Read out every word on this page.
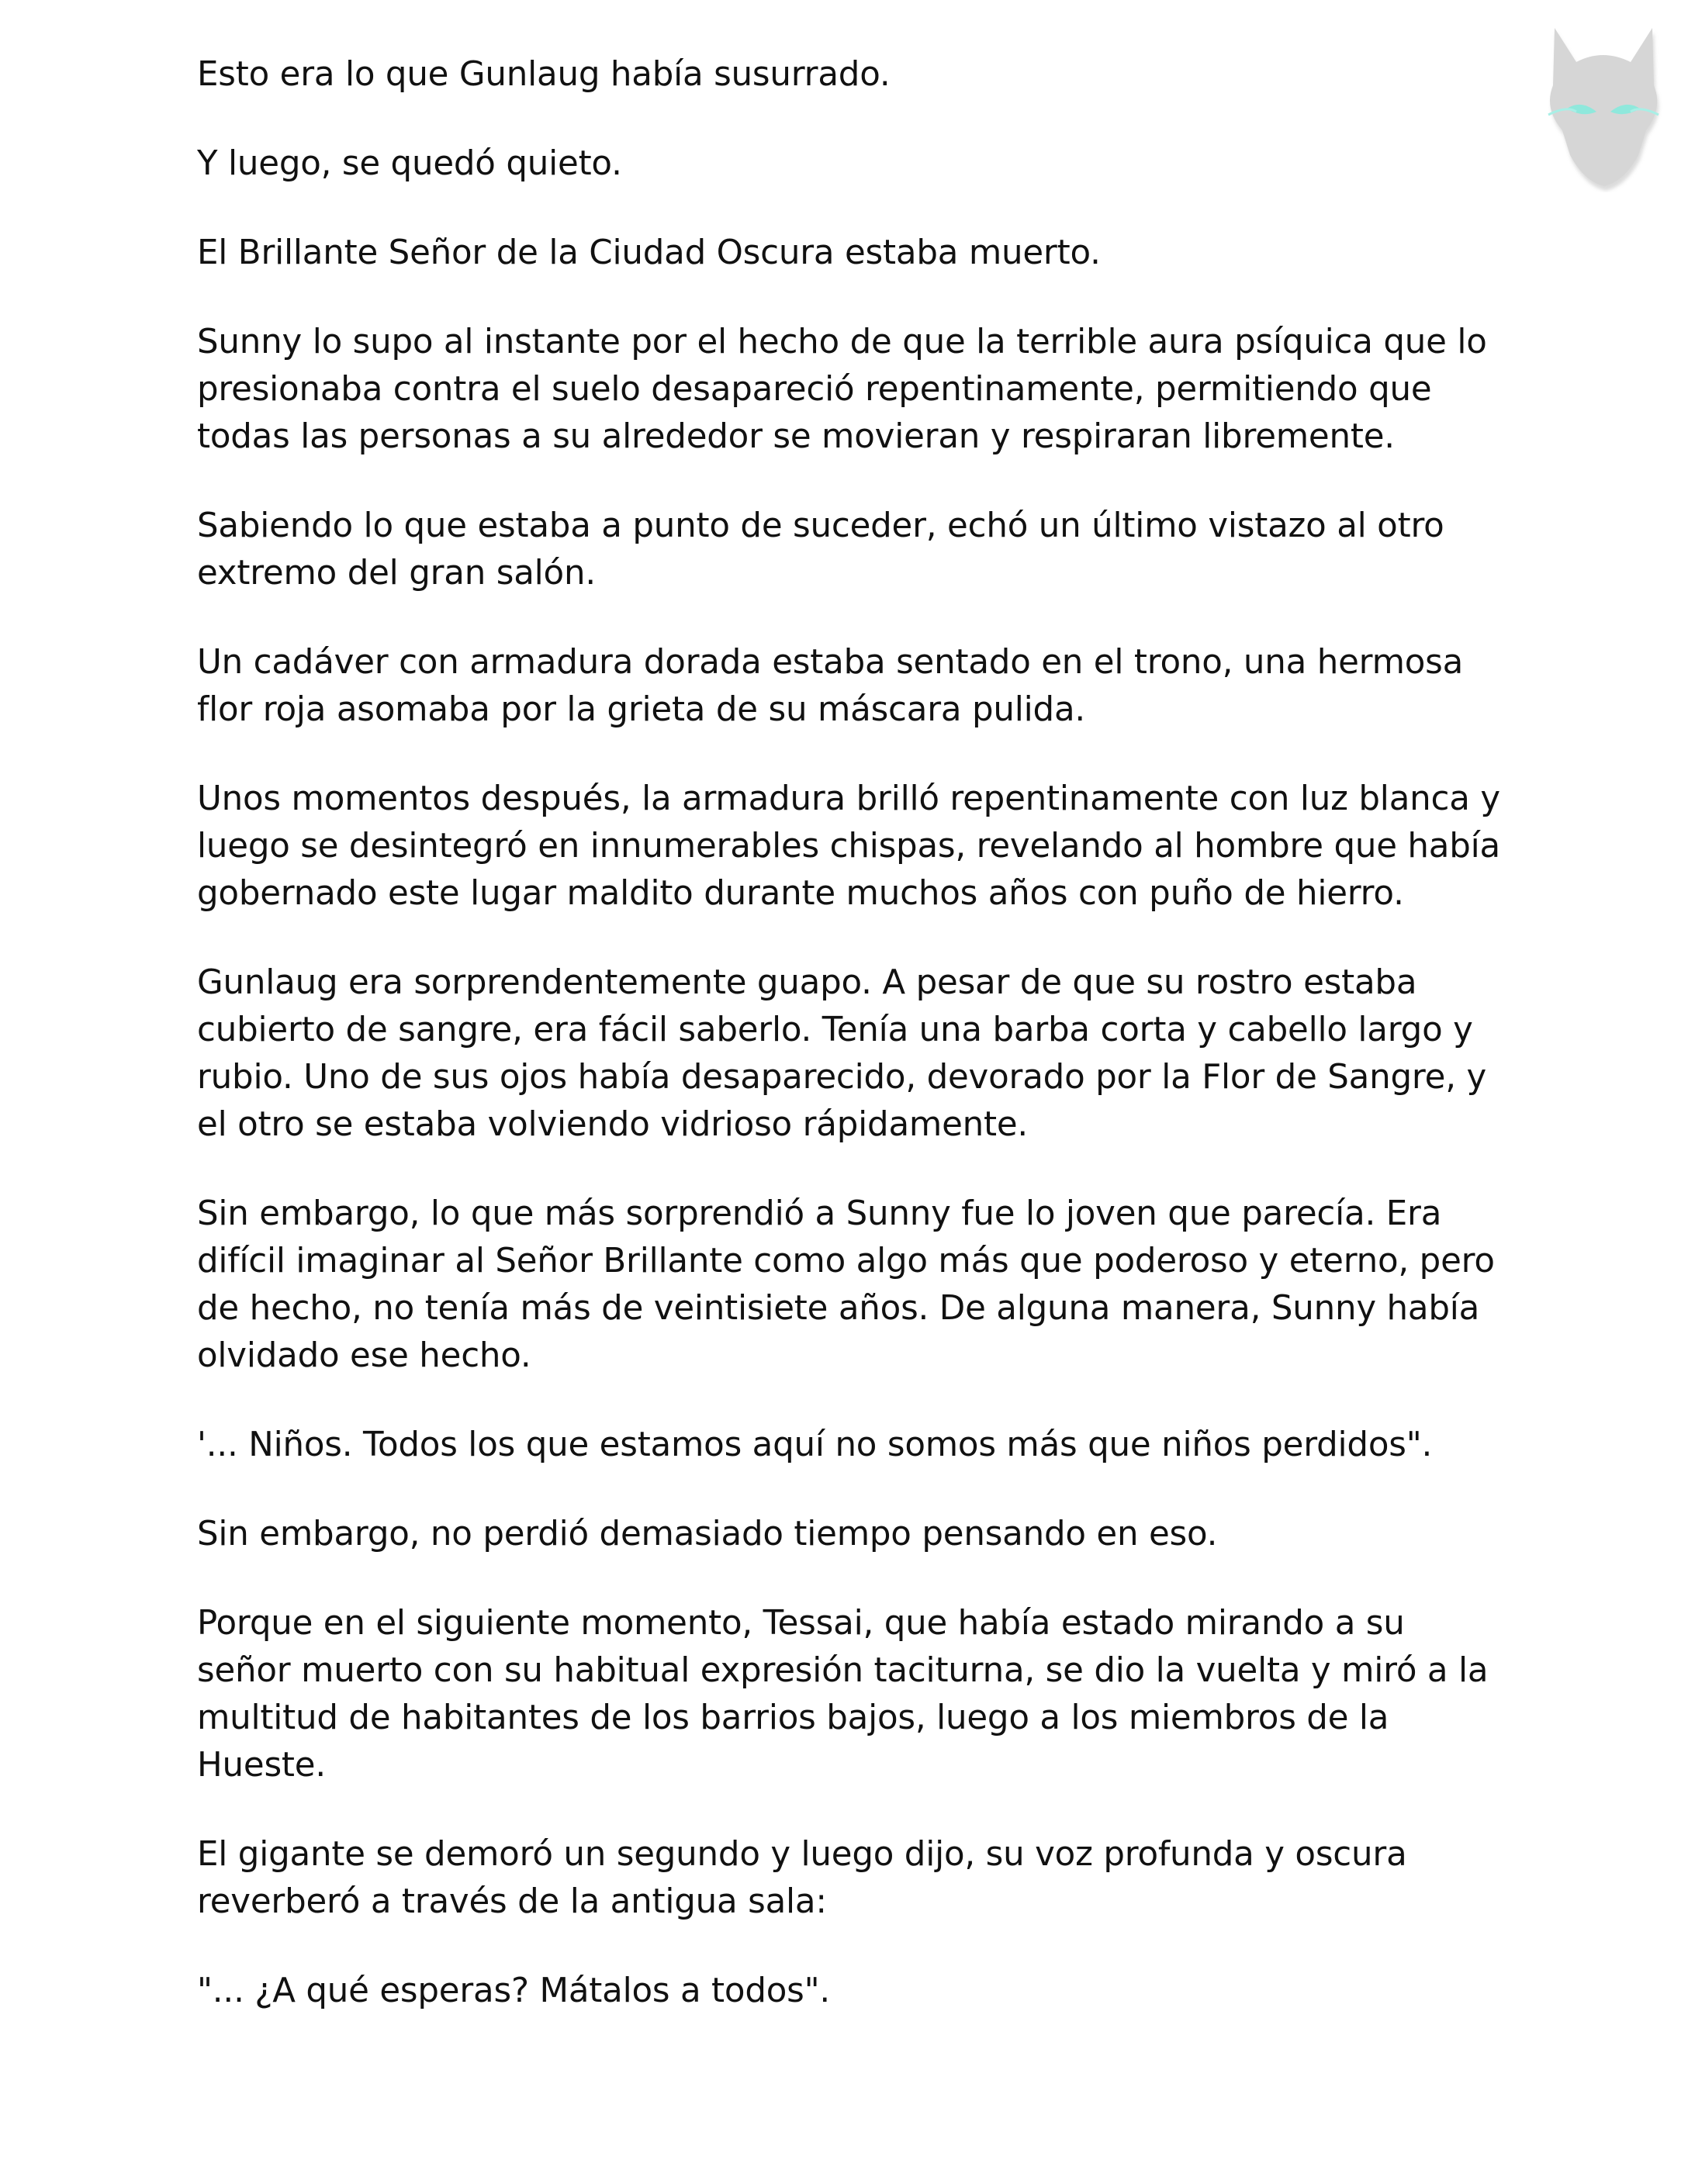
Esto era lo que Gunlaug había susurrado.

Y luego, se quedó quieto.

El Brillante Señor de la Ciudad Oscura estaba muerto.

Sunny lo supo al instante por el hecho de que la terrible aura psíquica que lo presionaba contra el suelo desapareció repentinamente, permitiendo que todas las personas a su alrededor se movieran y respiraran libremente.

Sabiendo lo que estaba a punto de suceder, echó un último vistazo al otro extremo del gran salón.

Un cadáver con armadura dorada estaba sentado en el trono, una hermosa flor roja asomaba por la grieta de su máscara pulida.

Unos momentos después, la armadura brilló repentinamente con luz blanca y luego se desintegró en innumerables chispas, revelando al hombre que había gobernado este lugar maldito durante muchos años con puño de hierro.

Gunlaug era sorprendentemente guapo. A pesar de que su rostro estaba cubierto de sangre, era fácil saberlo. Tenía una barba corta y cabello largo y rubio. Uno de sus ojos había desaparecido, devorado por la Flor de Sangre, y el otro se estaba volviendo vidrioso rápidamente.

Sin embargo, lo que más sorprendió a Sunny fue lo joven que parecía. Era difícil imaginar al Señor Brillante como algo más que poderoso y eterno, pero de hecho, no tenía más de veintisiete años. De alguna manera, Sunny había olvidado ese hecho.

'... Niños. Todos los que estamos aquí no somos más que niños perdidos".

Sin embargo, no perdió demasiado tiempo pensando en eso.

Porque en el siguiente momento, Tessai, que había estado mirando a su señor muerto con su habitual expresión taciturna, se dio la vuelta y miró a la multitud de habitantes de los barrios bajos, luego a los miembros de la Hueste.

El gigante se demoró un segundo y luego dijo, su voz profunda y oscura reverberó a través de la antigua sala:

"... ¿A qué esperas? Mátalos a todos".
